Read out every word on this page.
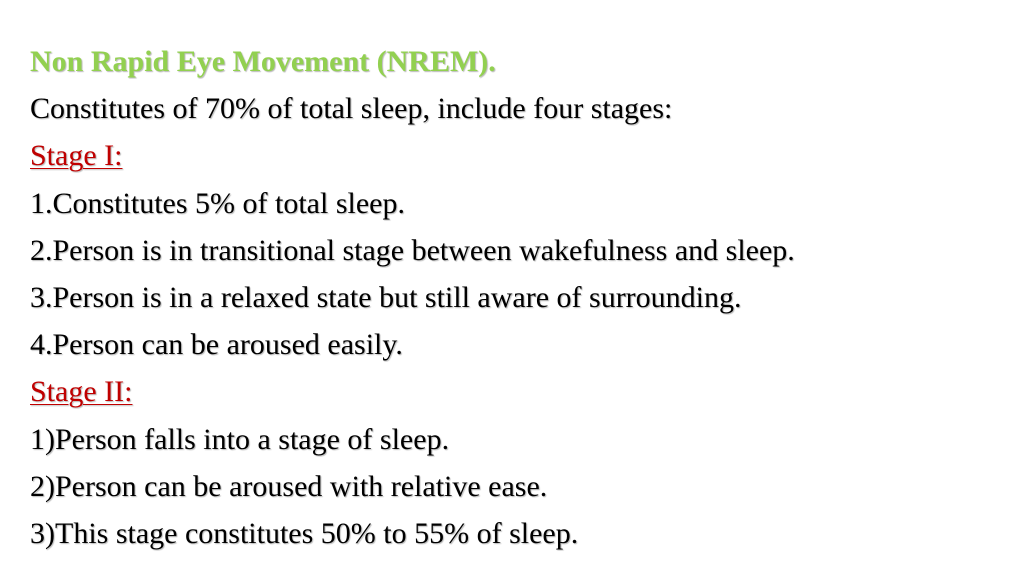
Non Rapid Eye Movement (NREM).
Constitutes of 70% of total sleep, include four stages:
Stage I:
1.Constitutes 5% of total sleep.
2.Person is in transitional stage between wakefulness and sleep.
3.Person is in a relaxed state but still aware of surrounding.
4.Person can be aroused easily.
Stage II:
1)Person falls into a stage of sleep.
2)Person can be aroused with relative ease.
3)This stage constitutes 50% to 55% of sleep.
